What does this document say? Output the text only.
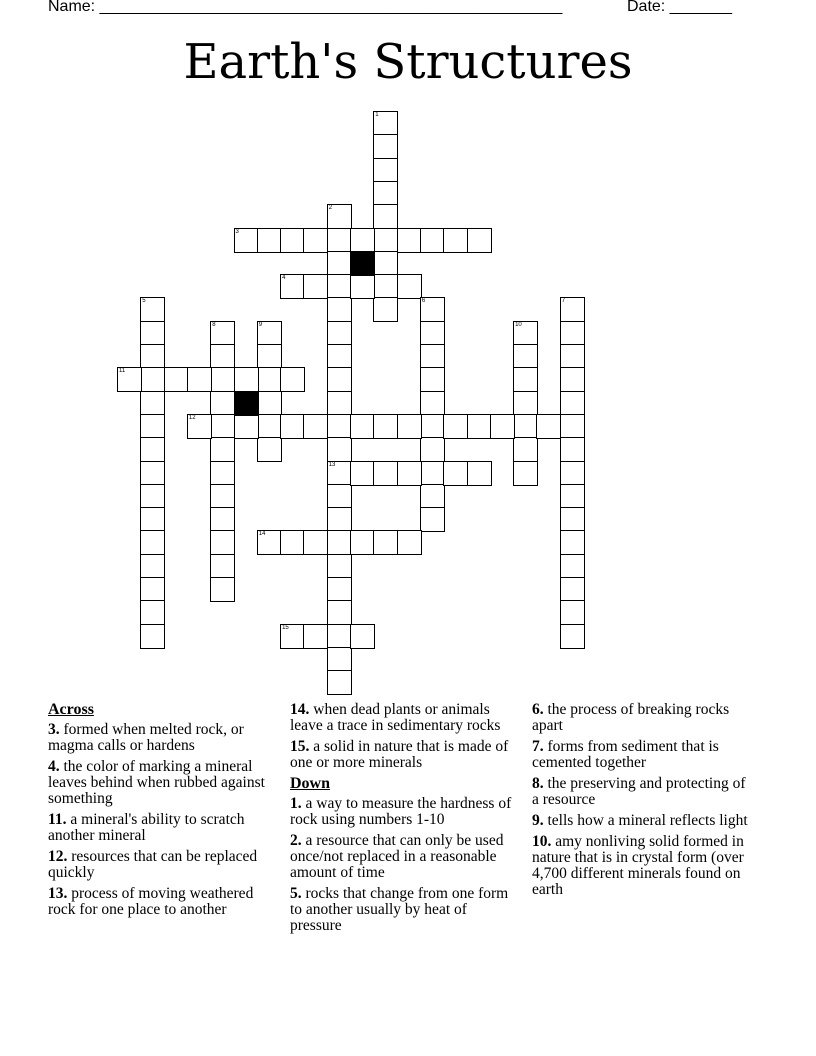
Name: ____________________________________________________	Date: _______
Earth's Structures
1
2
13
3
4
5	6	7
8	9	10
11
12
14
15
Across
3. formed when melted rock, or magma calls or hardens
4. the color of marking a mineral leaves behind when rubbed against something
11. a mineral's ability to scratch another mineral
12. resources that can be replaced quickly
13. process of moving weathered rock for one place to another
14. when dead plants or animals leave a trace in sedimentary rocks
15. a solid in nature that is made of one or more minerals
Down
1. a way to measure the hardness of rock using numbers 1-10
2. a resource that can only be used once/not replaced in a reasonable amount of time
5. rocks that change from one form to another usually by heat of pressure
6. the process of breaking rocks apart
7. forms from sediment that is cemented together
8. the preserving and protecting of a resource
9. tells how a mineral reflects light
10. amy nonliving solid formed in nature that is in crystal form (over 4,700 different minerals found on earth
